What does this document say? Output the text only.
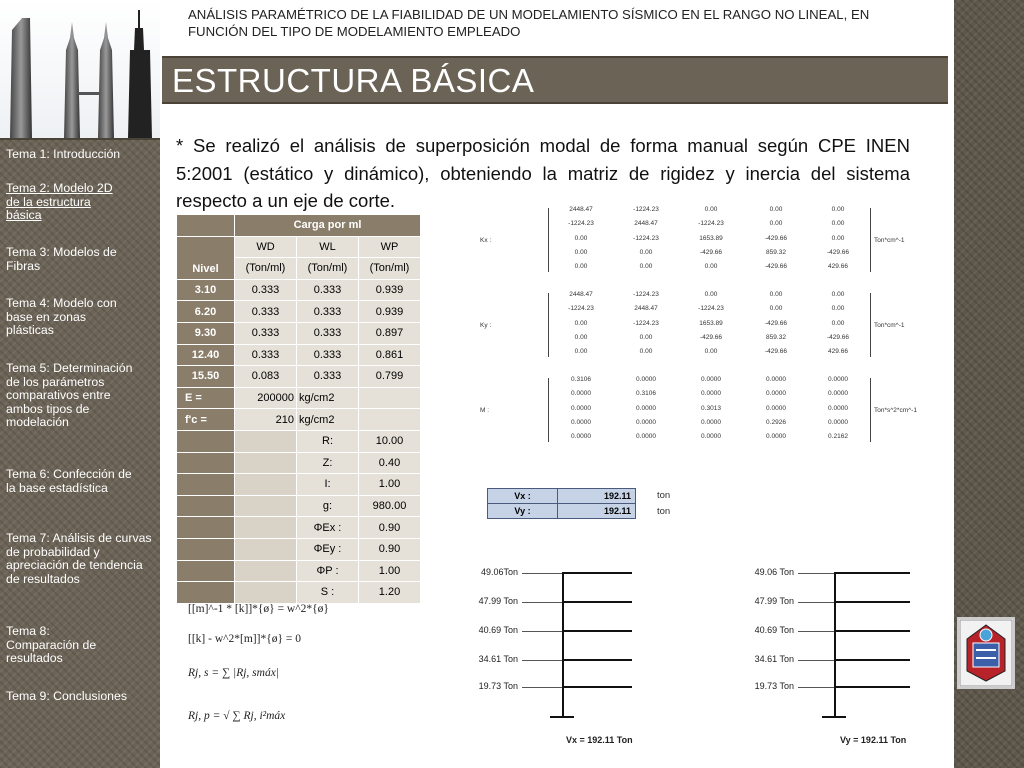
Tema 1: Introducción
Tema 2: Modelo 2D de la estructura básica
Tema 3: Modelos de Fibras
Tema 4: Modelo con base en zonas plásticas
Tema 5: Determinación de los parámetros comparativos entre ambos tipos de modelación
Tema 6: Confección de la base estadística
Tema 7: Análisis de curvas de probabilidad y apreciación de tendencia de resultados
Tema 8: Comparación de resultados
Tema 9: Conclusiones
ANÁLISIS PARAMÉTRICO DE LA FIABILIDAD DE UN MODELAMIENTO SÍSMICO EN EL RANGO NO LINEAL, EN FUNCIÓN DEL TIPO DE MODELAMIENTO EMPLEADO
ESTRUCTURA BÁSICA
* Se realizó el análisis de superposición modal de forma manual según CPE INEN 5:2001 (estático y dinámico), obteniendo la matriz de rigidez y inercia del sistema respecto a un eje de corte.
	Carga por ml		
Nivel	WD	WL	WP
	(Ton/ml)	(Ton/ml)	(Ton/ml)
3.10	0.333	0.333	0.939
6.20	0.333	0.333	0.939
9.30	0.333	0.333	0.897
12.40	0.333	0.333	0.861
15.50	0.083	0.333	0.799
E =	200000	kg/cm2	
f'c =	210	kg/cm2	
		R:	10.00
		Z:	0.40
		I:	1.00
		g:	980.00
		ΦEx :	0.90
		ΦEy :	0.90
		ΦP :	1.00
		S :	1.20
[[m]^-1 * [k]]*{ø} = w^2*{ø}
[[k] - w^2*[m]]*{ø} = 0
Rj, s = ∑ |Rj, smáx|
Rj, p = √ ∑ Rj, i²máx
Kx :	Ton*cm^-1
2448.47	-1224.23	0.00	0.00	0.00
-1224.23	2448.47	-1224.23	0.00	0.00
0.00	-1224.23	1653.89	-429.66	0.00
0.00	0.00	-429.66	859.32	-429.66
0.00	0.00	0.00	-429.66	429.66
Ky :	Ton*cm^-1
2448.47	-1224.23	0.00	0.00	0.00
-1224.23	2448.47	-1224.23	0.00	0.00
0.00	-1224.23	1653.89	-429.66	0.00
0.00	0.00	-429.66	859.32	-429.66
0.00	0.00	0.00	-429.66	429.66
M :	Ton*s^2*cm^-1
0.3106	0.0000	0.0000	0.0000	0.0000
0.0000	0.3106	0.0000	0.0000	0.0000
0.0000	0.0000	0.3013	0.0000	0.0000
0.0000	0.0000	0.0000	0.2926	0.0000
0.0000	0.0000	0.0000	0.0000	0.2162
Vx :	192.11
Vy :	192.11
ton
ton
49.06Ton
47.99 Ton
40.69 Ton
34.61 Ton
19.73 Ton
Vx = 192.11 Ton
49.06 Ton
47.99 Ton
40.69 Ton
34.61 Ton
19.73 Ton
Vy = 192.11 Ton
